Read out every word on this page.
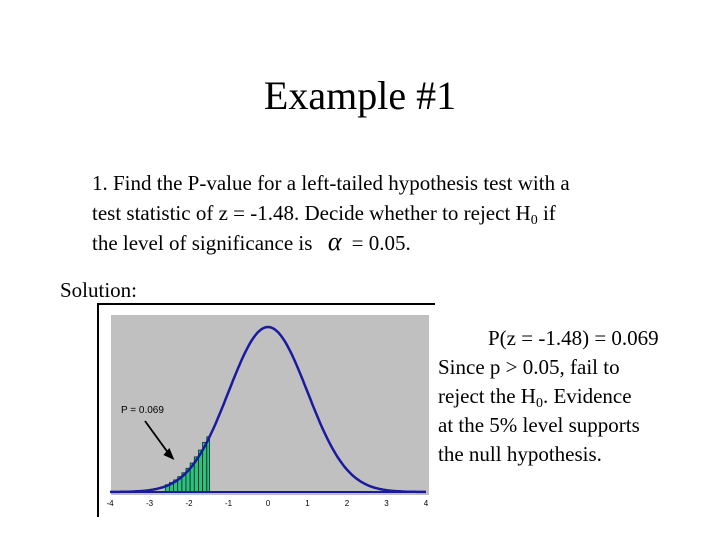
Example #1
1. Find the P-value for a left-tailed hypothesis test with a
test statistic of z = -1.48. Decide whether to reject $H_0$ if
the level of significance is α = 0.05.
Solution:
-4	-3	-2	-1	0	1	2	3	4
P = 0.069
P(z = -1.48) = 0.069
Since p > 0.05, fail to
reject the $H_0$. Evidence
at the 5% level supports
the null hypothesis.
